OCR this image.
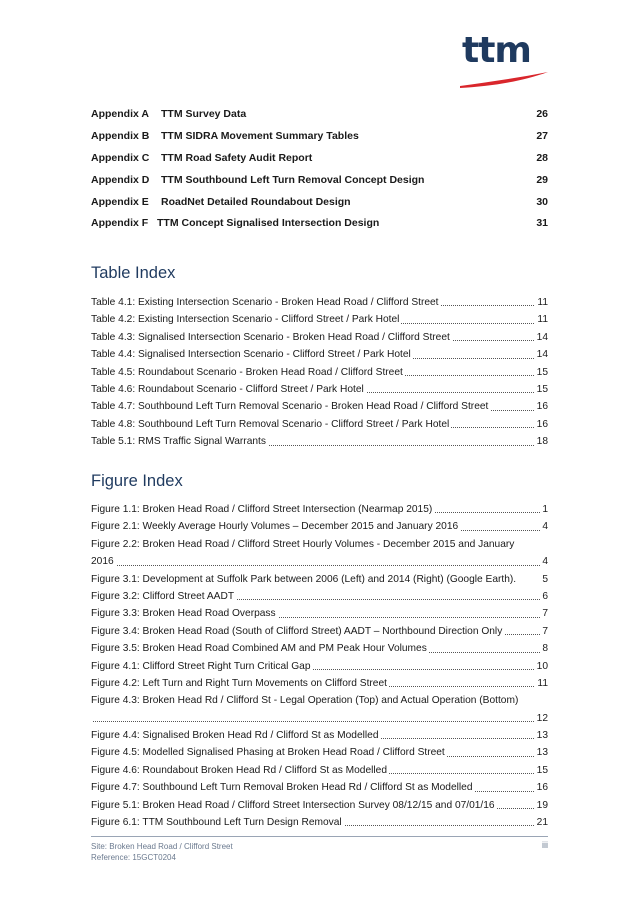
ttm
Appendix A TTM Survey Data	26
Appendix B TTM SIDRA Movement Summary Tables	27
Appendix C TTM Road Safety Audit Report	28
Appendix D TTM Southbound Left Turn Removal Concept Design	29
Appendix E RoadNet Detailed Roundabout Design	30
Appendix F TTM Concept Signalised Intersection Design	31
Table Index
Table 4.1: Existing Intersection Scenario - Broken Head Road / Clifford Street	11
Table 4.2: Existing Intersection Scenario - Clifford Street / Park Hotel	11
Table 4.3: Signalised Intersection Scenario - Broken Head Road / Clifford Street	14
Table 4.4: Signalised Intersection Scenario - Clifford Street / Park Hotel	14
Table 4.5: Roundabout Scenario - Broken Head Road / Clifford Street	15
Table 4.6: Roundabout Scenario - Clifford Street / Park Hotel	15
Table 4.7: Southbound Left Turn Removal Scenario - Broken Head Road / Clifford Street	16
Table 4.8: Southbound Left Turn Removal Scenario - Clifford Street / Park Hotel	16
Table 5.1: RMS Traffic Signal Warrants	18
Figure Index
Figure 1.1: Broken Head Road / Clifford Street Intersection (Nearmap 2015)	1
Figure 2.1: Weekly Average Hourly Volumes – December 2015 and January 2016	4
Figure 2.2: Broken Head Road / Clifford Street Hourly Volumes - December 2015 and January
2016	4
Figure 3.1: Development at Suffolk Park between 2006 (Left) and 2014 (Right) (Google Earth).	5
Figure 3.2: Clifford Street AADT	6
Figure 3.3: Broken Head Road Overpass	7
Figure 3.4: Broken Head Road (South of Clifford Street) AADT – Northbound Direction Only	7
Figure 3.5: Broken Head Road Combined AM and PM Peak Hour Volumes	8
Figure 4.1: Clifford Street Right Turn Critical Gap	10
Figure 4.2: Left Turn and Right Turn Movements on Clifford Street	11
Figure 4.3: Broken Head Rd / Clifford St - Legal Operation (Top) and Actual Operation (Bottom)
12
Figure 4.4: Signalised Broken Head Rd / Clifford St as Modelled	13
Figure 4.5: Modelled Signalised Phasing at Broken Head Road / Clifford Street	13
Figure 4.6: Roundabout Broken Head Rd / Clifford St as Modelled	15
Figure 4.7: Southbound Left Turn Removal Broken Head Rd / Clifford St as Modelled	16
Figure 5.1: Broken Head Road / Clifford Street Intersection Survey 08/12/15 and 07/01/16	19
Figure 6.1: TTM Southbound Left Turn Design Removal	21
Site: Broken Head Road / Clifford Street
Reference: 15GCT0204
iii
